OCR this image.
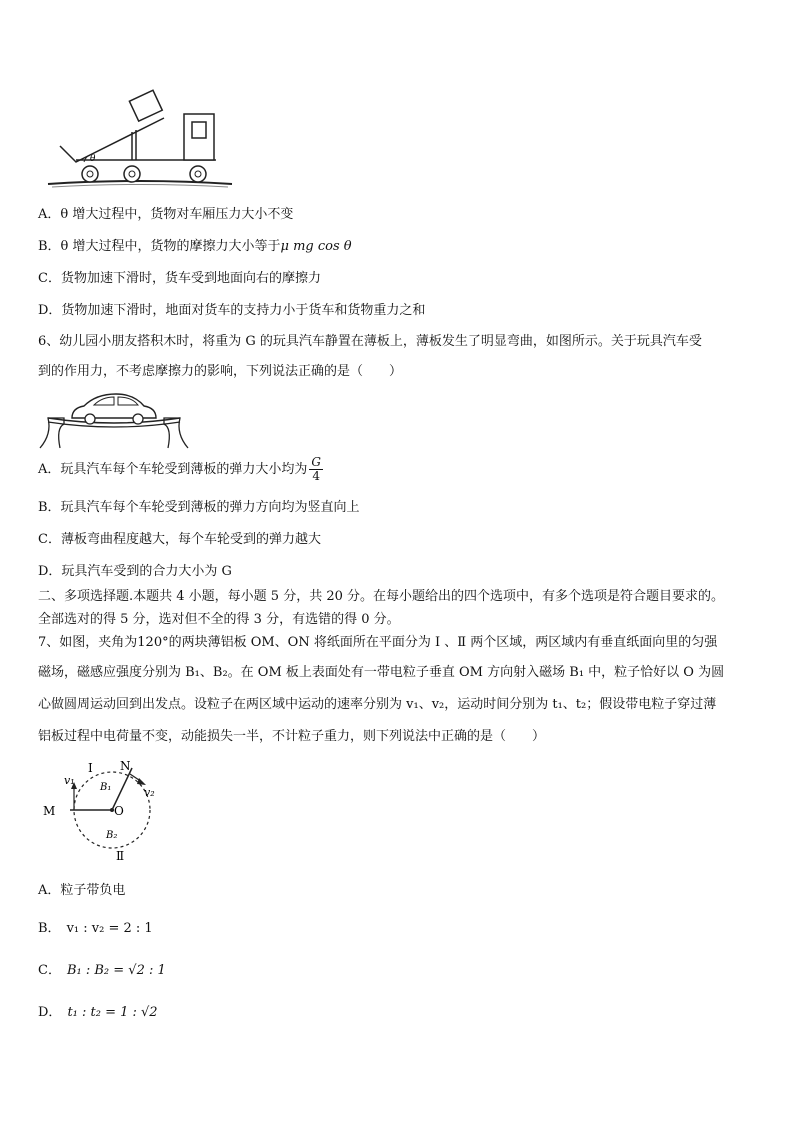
θ
A．θ 增大过程中，货物对车厢压力大小不变
B．θ 增大过程中，货物的摩擦力大小等于μ mg cos θ
C．货物加速下滑时，货车受到地面向右的摩擦力
D．货物加速下滑时，地面对货车的支持力小于货车和货物重力之和
6、幼儿园小朋友搭积木时，将重为 G 的玩具汽车静置在薄板上，薄板发生了明显弯曲，如图所示。关于玩具汽车受
到的作用力，不考虑摩擦力的影响，下列说法正确的是（　　）
A．玩具汽车每个车轮受到薄板的弹力大小均为 $\frac{G}{4}$
B．玩具汽车每个车轮受到薄板的弹力方向均为竖直向上
C．薄板弯曲程度越大，每个车轮受到的弹力越大
D．玩具汽车受到的合力大小为 G
二、多项选择题.本题共 4 小题，每小题 5 分，共 20 分。在每小题给出的四个选项中，有多个选项是符合题目要求的。
全部选对的得 5 分，选对但不全的得 3 分，有选错的得 0 分。
7、如图，夹角为120°的两块薄铝板 OM、ON 将纸面所在平面分为 Ⅰ 、Ⅱ 两个区域，两区域内有垂直纸面向里的匀强
磁场，磁感应强度分别为 B₁、B₂。在 OM 板上表面处有一带电粒子垂直 OM 方向射入磁场 B₁ 中，粒子恰好以 O 为圆
心做圆周运动回到出发点。设粒子在两区域中运动的速率分别为 v₁、v₂，运动时间分别为 t₁、t₂；假设带电粒子穿过薄
铝板过程中电荷量不变，动能损失一半，不计粒子重力，则下列说法中正确的是（　　）
Ⅰ N
v₁
v₂
B₁
M	O
B₂
Ⅱ
A．粒子带负电
B． v₁ : v₂ = 2 : 1
C． B₁ : B₂ = √2 : 1
D． t₁ : t₂ = 1 : √2
